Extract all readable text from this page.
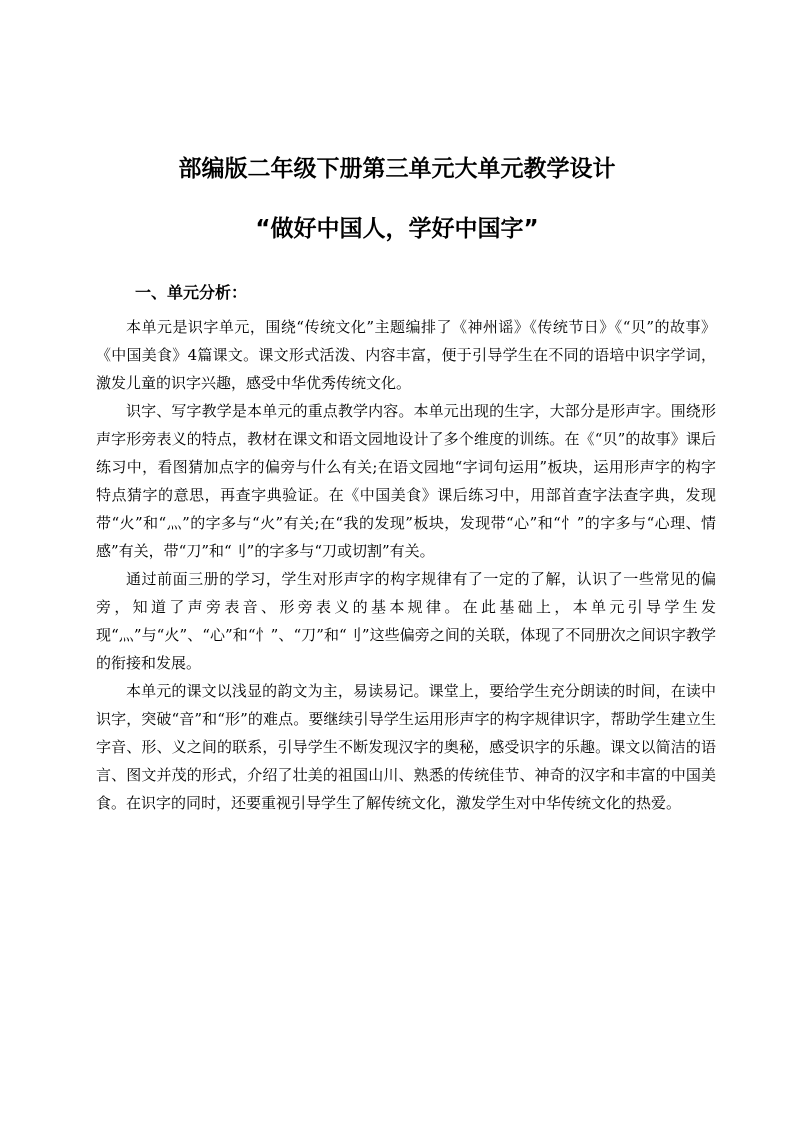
部编版二年级下册第三单元大单元教学设计
“做好中国人，学好中国字”
一、单元分析：

本单元是识字单元，围绕“传统文化”主题编排了《神州谣》《传统节日》《“贝”的故事》《中国美食》4篇课文。课文形式活泼、内容丰富，便于引导学生在不同的语培中识字学词，激发儿童的识字兴趣，感受中华优秀传统文化。

识字、写字教学是本单元的重点教学内容。本单元出现的生字，大部分是形声字。围绕形声字形旁表义的特点，教材在课文和语文园地设计了多个维度的训练。在《“贝”的故事》课后练习中，看图猜加点字的偏旁与什么有关;在语文园地“字词句运用”板块，运用形声字的构字特点猜字的意思，再查字典验证。在《中国美食》课后练习中，用部首查字法查字典，发现带“火”和“灬”的字多与“火”有关;在“我的发现”板块，发现带“心”和“忄”的字多与“心理、情感”有关，带“刀”和“刂”的字多与“刀或切割”有关。

通过前面三册的学习，学生对形声字的构字规律有了一定的了解，认识了一些常见的偏旁，知道了声旁表音、形旁表义的基本规律。在此基础上，本单元引导学生发现“灬”与“火”、“心”和“忄”、“刀”和“刂”这些偏旁之间的关联，体现了不同册次之间识字教学的衔接和发展。

本单元的课文以浅显的韵文为主，易读易记。课堂上，要给学生充分朗读的时间，在读中识字，突破“音”和“形”的难点。要继续引导学生运用形声字的构字规律识字，帮助学生建立生字音、形、义之间的联系，引导学生不断发现汉字的奥秘，感受识字的乐趣。课文以简洁的语言、图文并茂的形式，介绍了壮美的祖国山川、熟悉的传统佳节、神奇的汉字和丰富的中国美食。在识字的同时，还要重视引导学生了解传统文化，激发学生对中华传统文化的热爱。
